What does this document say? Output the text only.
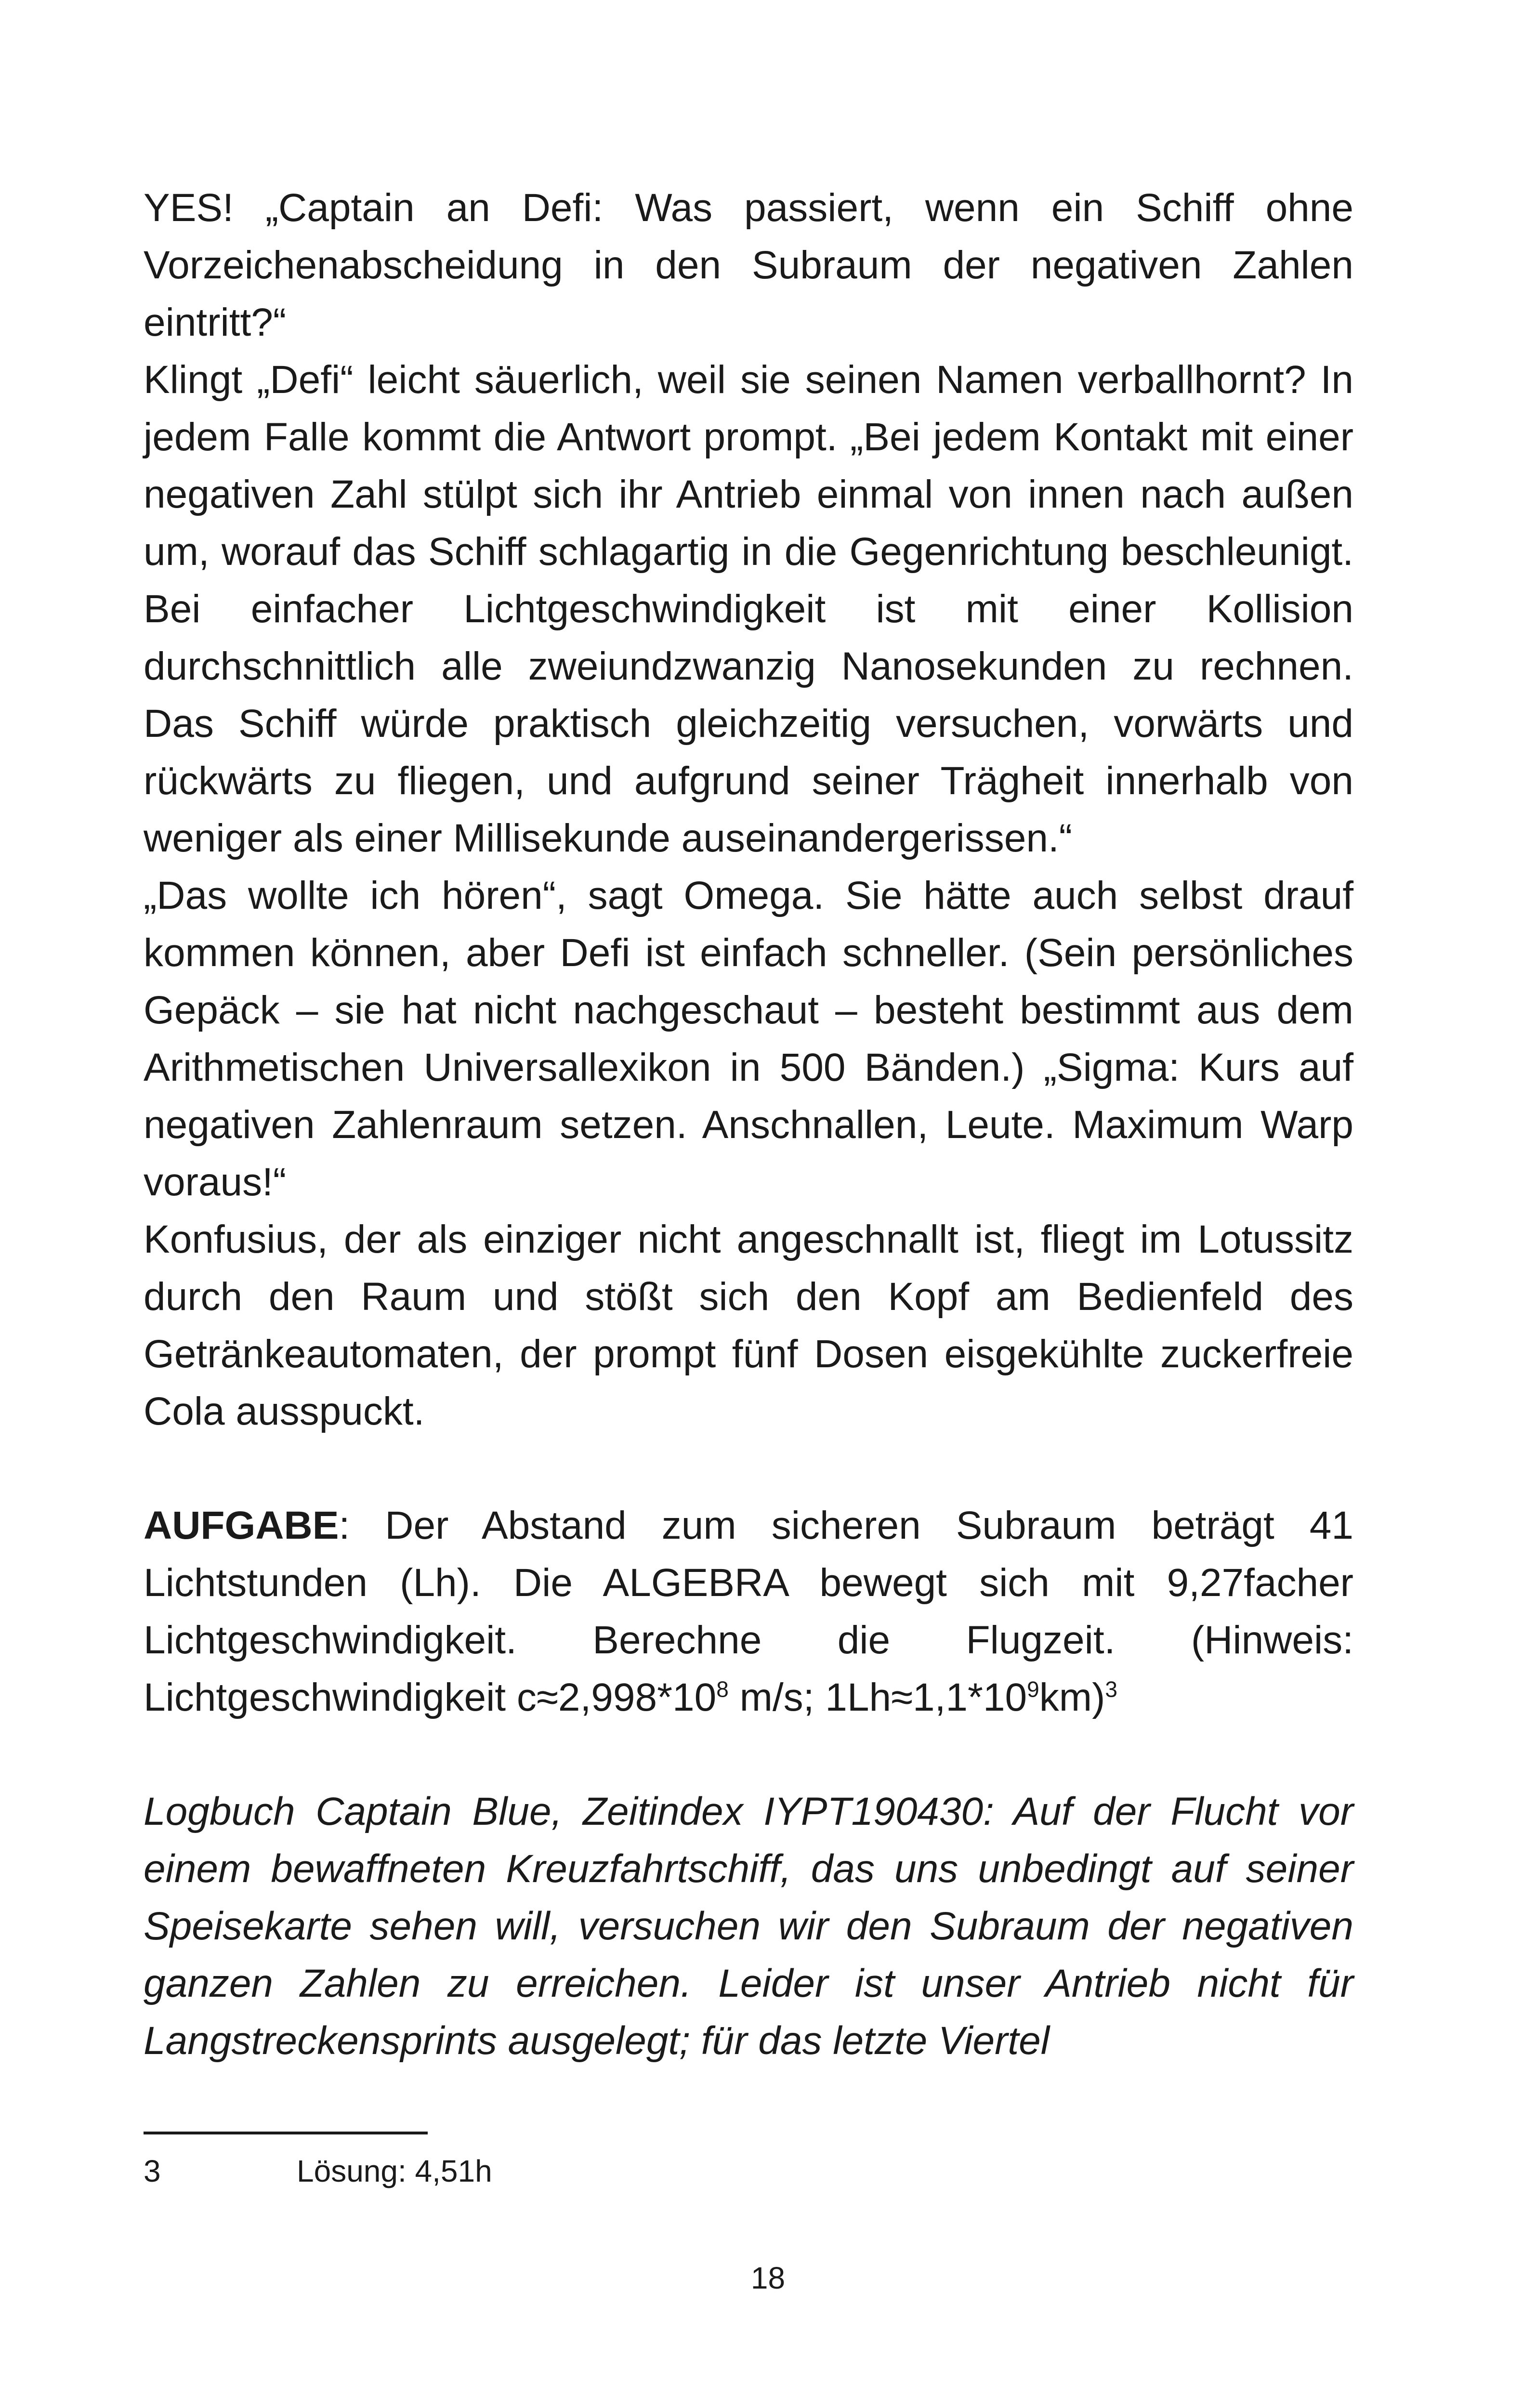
YES! „Captain an Defi: Was passiert, wenn ein Schiff ohne Vorzeichenabscheidung in den Subraum der negativen Zahlen eintritt?“

Klingt „Defi“ leicht säuerlich, weil sie seinen Namen verballhornt? In jedem Falle kommt die Antwort prompt. „Bei jedem Kontakt mit einer negativen Zahl stülpt sich ihr Antrieb einmal von innen nach außen um, worauf das Schiff schlagartig in die Gegenrichtung beschleunigt. Bei einfacher Lichtgeschwindigkeit ist mit einer Kollision durchschnittlich alle zweiundzwanzig Nanosekunden zu rechnen. Das Schiff würde praktisch gleichzeitig versuchen, vorwärts und rückwärts zu fliegen, und aufgrund seiner Trägheit innerhalb von weniger als einer Millisekunde auseinandergerissen.“

„Das wollte ich hören“, sagt Omega. Sie hätte auch selbst drauf kommen können, aber Defi ist einfach schneller. (Sein persönliches Gepäck – sie hat nicht nachgeschaut – besteht bestimmt aus dem Arithmetischen Universallexikon in 500 Bänden.) „Sigma: Kurs auf negativen Zahlenraum setzen. Anschnallen, Leute. Maximum Warp voraus!“

Konfusius, der als einziger nicht angeschnallt ist, fliegt im Lotussitz durch den Raum und stößt sich den Kopf am Bedienfeld des Getränkeautomaten, der prompt fünf Dosen eisgekühlte zuckerfreie Cola ausspuckt.

AUFGABE: Der Abstand zum sicheren Subraum beträgt 41 Lichtstunden (Lh). Die ALGEBRA bewegt sich mit 9,27facher Lichtgeschwindigkeit. Berechne die Flugzeit. (Hinweis: Lichtgeschwindigkeit $c\approx 2,998*10^8$ m/s; $1Lh\approx 1,1*10^9km)^3$

Logbuch Captain Blue, Zeitindex IYPT190430: Auf der Flucht vor einem bewaffneten Kreuzfahrtschiff, das uns unbedingt auf seiner Speisekarte sehen will, versuchen wir den Subraum der negativen ganzen Zahlen zu erreichen. Leider ist unser Antrieb nicht für Langstreckensprints ausgelegt; für das letzte Viertel

3	Lösung: 4,51h
18
